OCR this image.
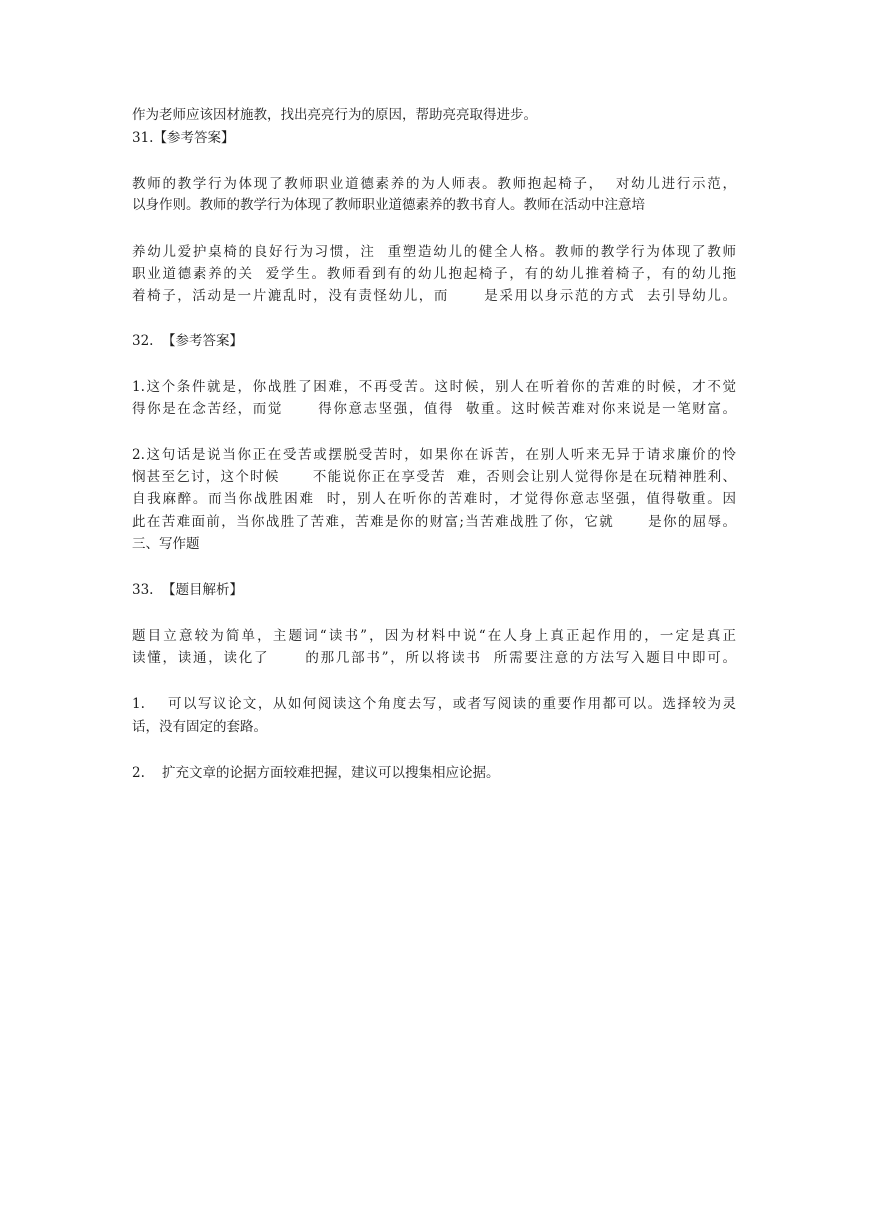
作为老师应该因材施教，找出亮亮行为的原因，帮助亮亮取得进步。
31.【参考答案】
教师的教学行为体现了教师职业道德素养的为人师表。教师抱起椅子，  对幼儿进行示范，
以身作则。教师的教学行为体现了教师职业道德素养的教书育人。教师在活动中注意培
养幼儿爱护桌椅的良好行为习惯，注  重塑造幼儿的健全人格。教师的教学行为体现了教师
职业道德素养的关  爱学生。教师看到有的幼儿抱起椅子，有的幼儿推着椅子，有的幼儿拖
着椅子，活动是一片漉乱时，没有责怪幼儿，而      是采用以身示范的方式  去引导幼儿。
32.  【参考答案】
1.这个条件就是，你战胜了困难，不再受苦。这时候，别人在听着你的苦难的时候，才不觉
得你是在念苦经，而觉      得你意志坚强，值得  敬重。这时候苦难对你来说是一笔财富。
2.这句话是说当你正在受苦或摆脱受苦时，如果你在诉苦，在别人听来无异于请求廉价的怜
悯甚至乞讨，这个时候      不能说你正在享受苦  难，否则会让别人觉得你是在玩精神胜利、
自我麻醉。而当你战胜困难  时，别人在听你的苦难时，才觉得你意志坚强，值得敬重。因
此在苦难面前，当你战胜了苦难，苦难是你的财富;当苦难战胜了你，它就      是你的屈辱。
三、写作题
33.  【题目解析】
题目立意较为简单，主题词“读书”，因为材料中说“在人身上真正起作用的，一定是真正
读懂，读通，读化了      的那几部书”，所以将读书  所需要注意的方法写入题目中即可。
1.    可以写议论文，从如何阅读这个角度去写，或者写阅读的重要作用都可以。选择较为灵
话，没有固定的套路。
2.    扩充文章的论据方面较难把握，建议可以搜集相应论据。
